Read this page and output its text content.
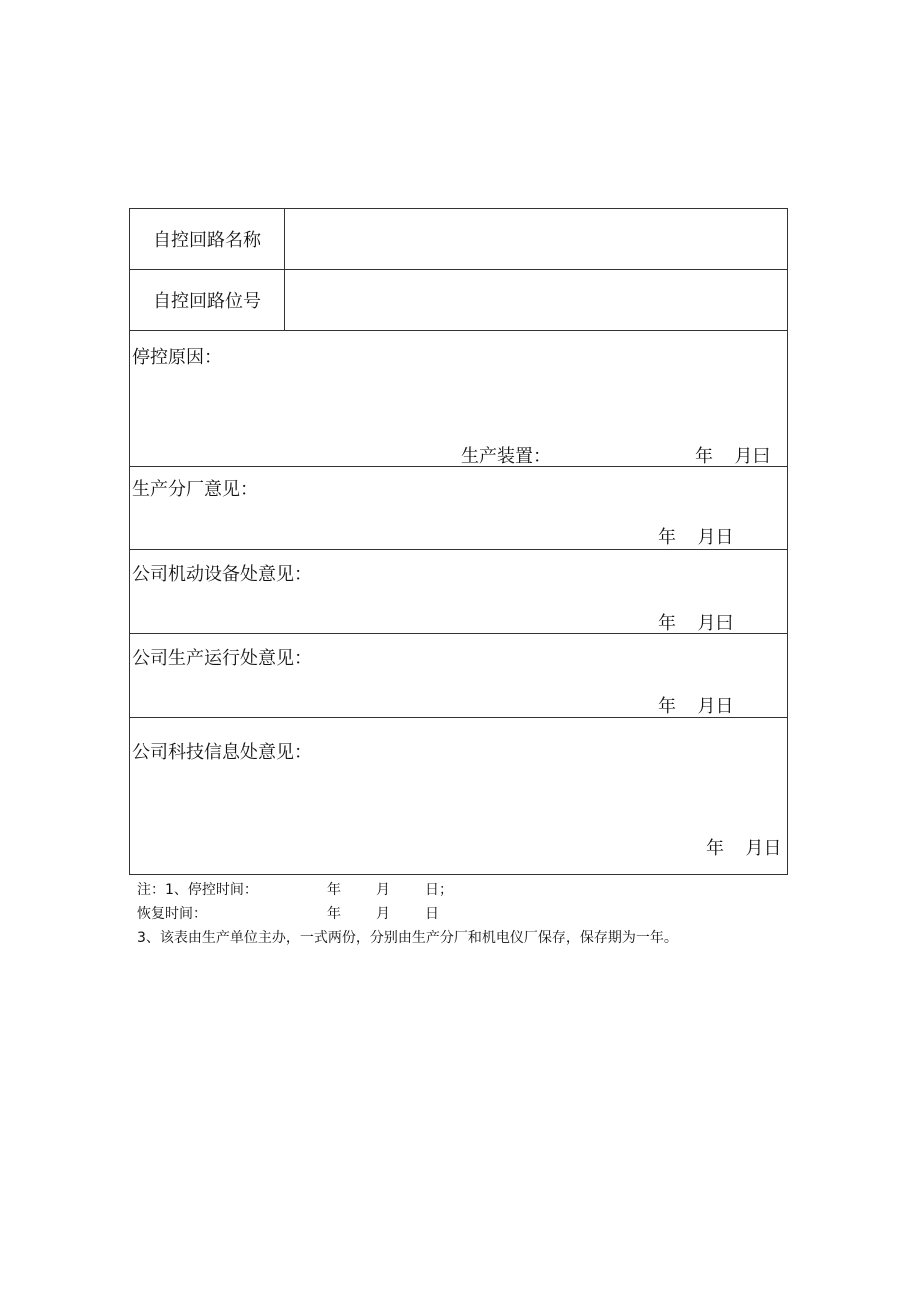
自控回路名称
自控回路位号
停控原因：
生产装置：	年 月曰
生产分厂意见：
年 月日
公司机动设备处意见：
年 月曰
公司生产运行处意见：
年 月日
公司科技信息处意见：
年 月日
注：1、停控时间：	年	月	日；
恢复时间：	年	月	日
3、该表由生产单位主办，一式两份，分别由生产分厂和机电仪厂保存，保存期为一年。
